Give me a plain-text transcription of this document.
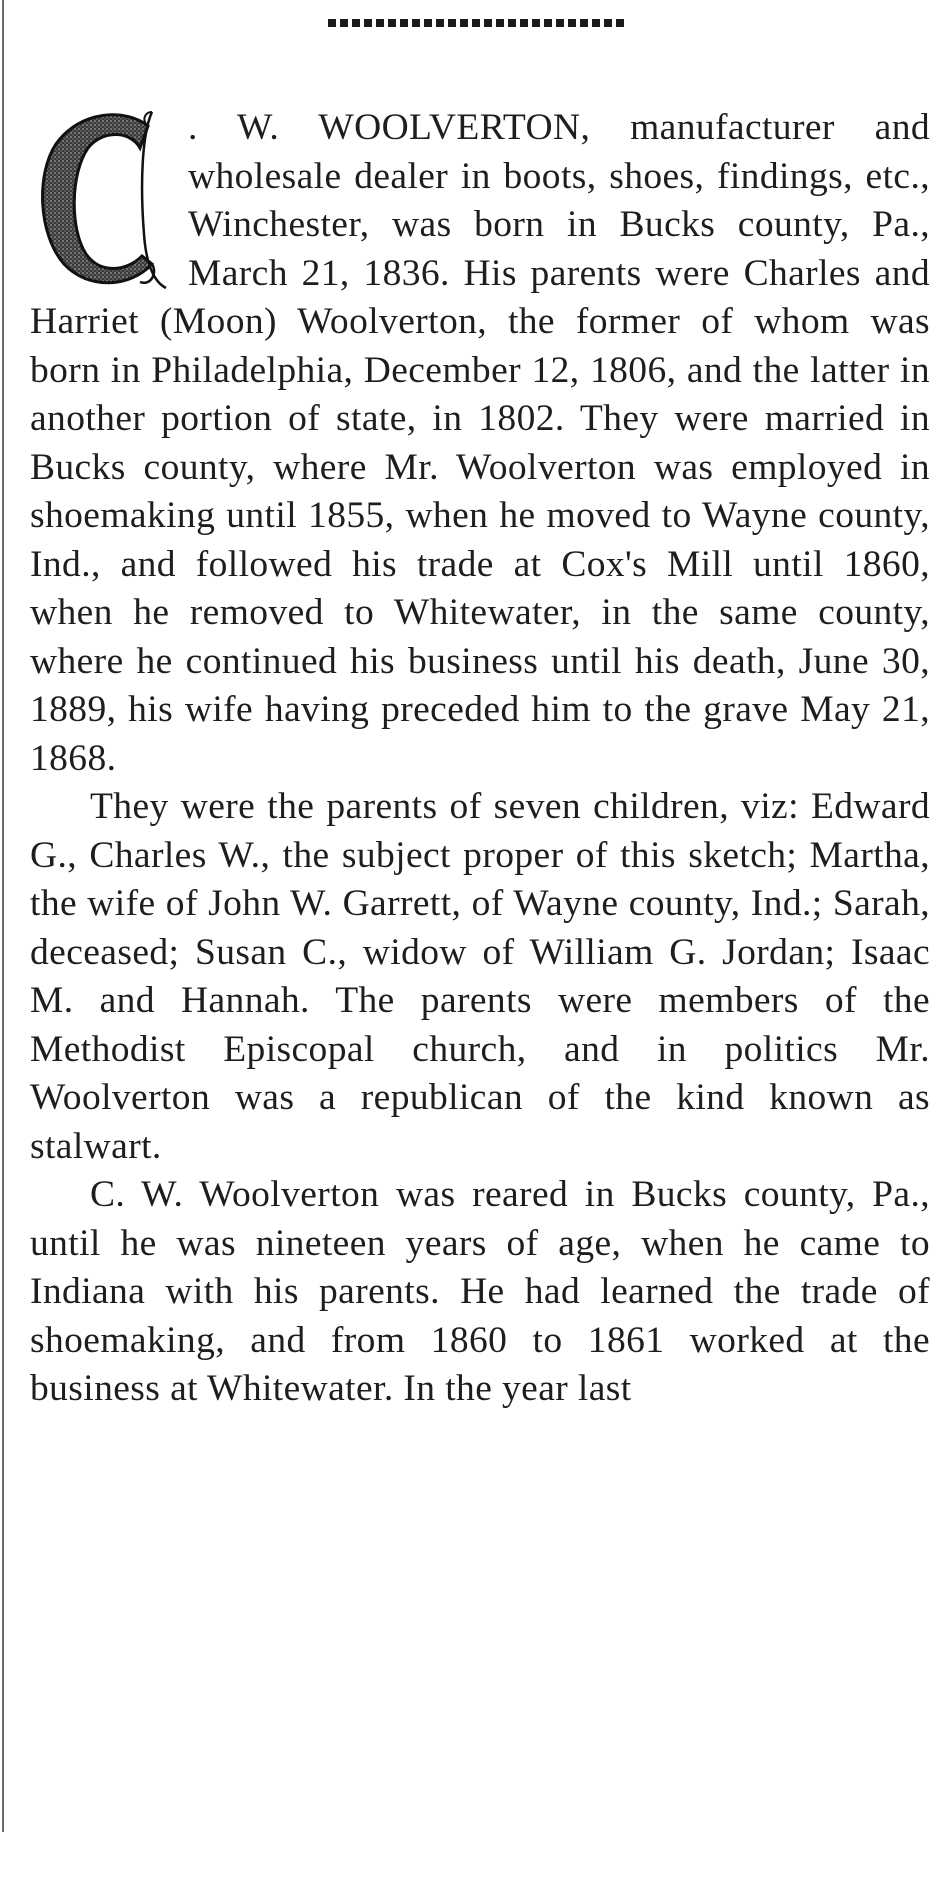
. W. WOOLVERTON, manufacturer and wholesale dealer in boots, shoes, findings, etc., Winchester, was born in Bucks county, Pa., March 21, 1836. His parents were Charles and Harriet (Moon) Woolverton, the former of whom was born in Philadelphia, December 12, 1806, and the latter in another portion of state, in 1802. They were married in Bucks county, where Mr. Woolverton was employed in shoemaking until 1855, when he moved to Wayne county, Ind., and followed his trade at Cox's Mill until 1860, when he removed to Whitewater, in the same county, where he continued his business until his death, June 30, 1889, his wife having preceded him to the grave May 21, 1868.

They were the parents of seven children, viz: Edward G., Charles W., the subject proper of this sketch; Martha, the wife of John W. Garrett, of Wayne county, Ind.; Sarah, deceased; Susan C., widow of William G. Jordan; Isaac M. and Hannah. The parents were members of the Methodist Episcopal church, and in politics Mr. Woolverton was a republican of the kind known as stalwart.

C. W. Woolverton was reared in Bucks county, Pa., until he was nineteen years of age, when he came to Indiana with his parents. He had learned the trade of shoemaking, and from 1860 to 1861 worked at the business at Whitewater. In the year last
